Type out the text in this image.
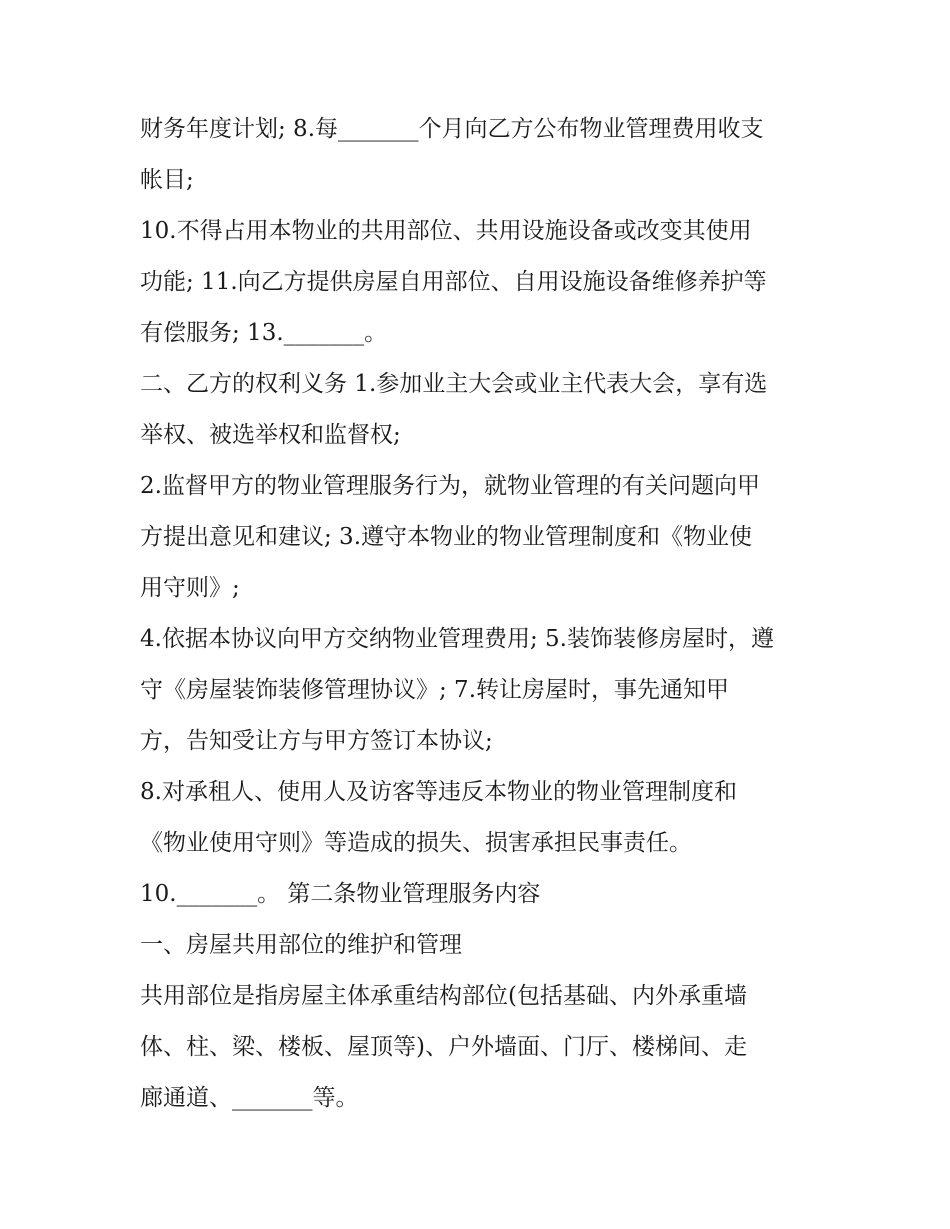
财务年度计划; 8.每_______个月向乙方公布物业管理费用收支
帐目;
10.不得占用本物业的共用部位、共用设施设备或改变其使用
功能; 11.向乙方提供房屋自用部位、自用设施设备维修养护等
有偿服务; 13._______。
二、乙方的权利义务 1.参加业主大会或业主代表大会，享有选
举权、被选举权和监督权;
2.监督甲方的物业管理服务行为，就物业管理的有关问题向甲
方提出意见和建议; 3.遵守本物业的物业管理制度和《物业使
用守则》;
4.依据本协议向甲方交纳物业管理费用; 5.装饰装修房屋时，遵
守《房屋装饰装修管理协议》; 7.转让房屋时，事先通知甲
方，告知受让方与甲方签订本协议;
8.对承租人、使用人及访客等违反本物业的物业管理制度和
《物业使用守则》等造成的损失、损害承担民事责任。
10._______。 第二条物业管理服务内容
一、房屋共用部位的维护和管理
共用部位是指房屋主体承重结构部位(包括基础、内外承重墙
体、柱、梁、楼板、屋顶等)、户外墙面、门厅、楼梯间、走
廊通道、_______等。
